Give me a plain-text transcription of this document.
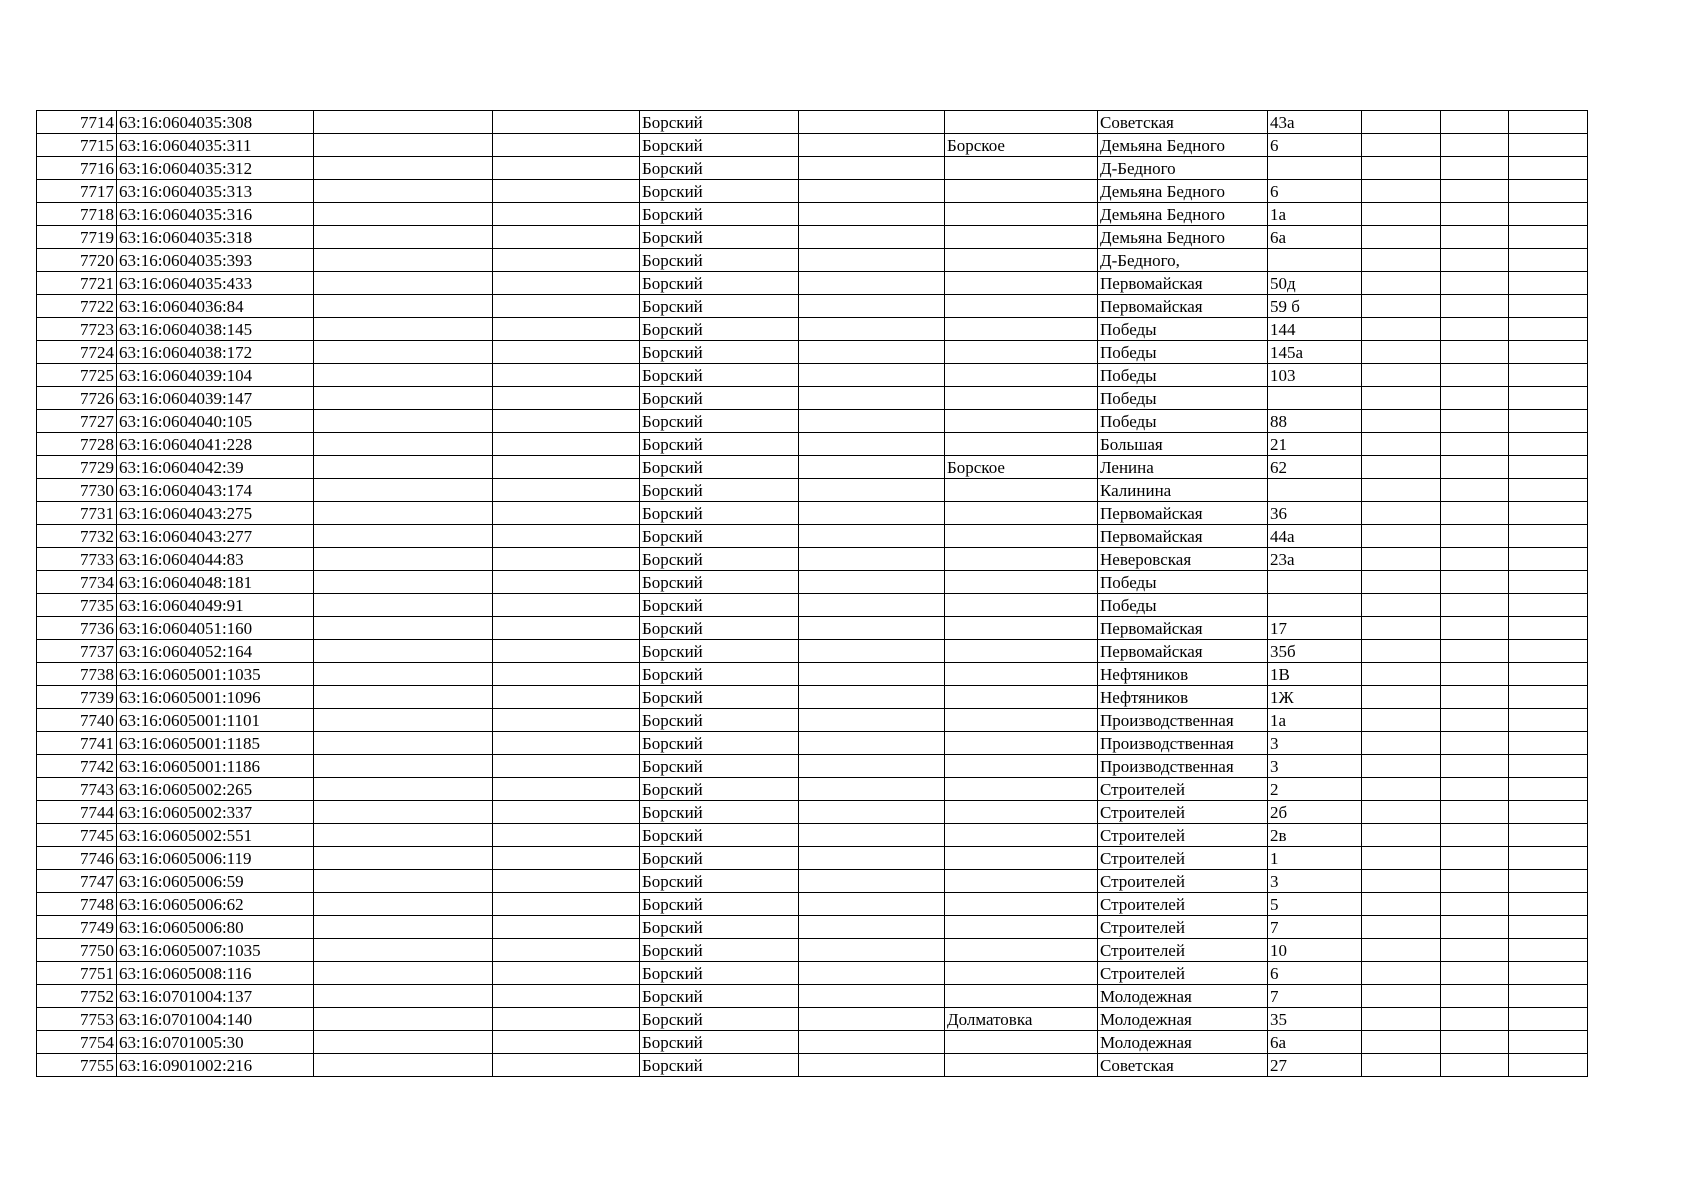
7714	63:16:0604035:308			Борский			Советская	43а			
7715	63:16:0604035:311			Борский		Борское	Демьяна Бедного	6			
7716	63:16:0604035:312			Борский			Д-Бедного				
7717	63:16:0604035:313			Борский			Демьяна Бедного	6			
7718	63:16:0604035:316			Борский			Демьяна Бедного	1а			
7719	63:16:0604035:318			Борский			Демьяна Бедного	6а			
7720	63:16:0604035:393			Борский			Д-Бедного,				
7721	63:16:0604035:433			Борский			Первомайская	50д			
7722	63:16:0604036:84			Борский			Первомайская	59 б			
7723	63:16:0604038:145			Борский			Победы	144			
7724	63:16:0604038:172			Борский			Победы	145а			
7725	63:16:0604039:104			Борский			Победы	103			
7726	63:16:0604039:147			Борский			Победы				
7727	63:16:0604040:105			Борский			Победы	88			
7728	63:16:0604041:228			Борский			Большая	21			
7729	63:16:0604042:39			Борский		Борское	Ленина	62			
7730	63:16:0604043:174			Борский			Калинина				
7731	63:16:0604043:275			Борский			Первомайская	36			
7732	63:16:0604043:277			Борский			Первомайская	44а			
7733	63:16:0604044:83			Борский			Неверовская	23а			
7734	63:16:0604048:181			Борский			Победы				
7735	63:16:0604049:91			Борский			Победы				
7736	63:16:0604051:160			Борский			Первомайская	17			
7737	63:16:0604052:164			Борский			Первомайская	35б			
7738	63:16:0605001:1035			Борский			Нефтяников	1В			
7739	63:16:0605001:1096			Борский			Нефтяников	1Ж			
7740	63:16:0605001:1101			Борский			Производственная	1а			
7741	63:16:0605001:1185			Борский			Производственная	3			
7742	63:16:0605001:1186			Борский			Производственная	3			
7743	63:16:0605002:265			Борский			Строителей	2			
7744	63:16:0605002:337			Борский			Строителей	2б			
7745	63:16:0605002:551			Борский			Строителей	2в			
7746	63:16:0605006:119			Борский			Строителей	1			
7747	63:16:0605006:59			Борский			Строителей	3			
7748	63:16:0605006:62			Борский			Строителей	5			
7749	63:16:0605006:80			Борский			Строителей	7			
7750	63:16:0605007:1035			Борский			Строителей	10			
7751	63:16:0605008:116			Борский			Строителей	6			
7752	63:16:0701004:137			Борский			Молодежная	7			
7753	63:16:0701004:140			Борский		Долматовка	Молодежная	35			
7754	63:16:0701005:30			Борский			Молодежная	6а			
7755	63:16:0901002:216			Борский			Советская	27			
